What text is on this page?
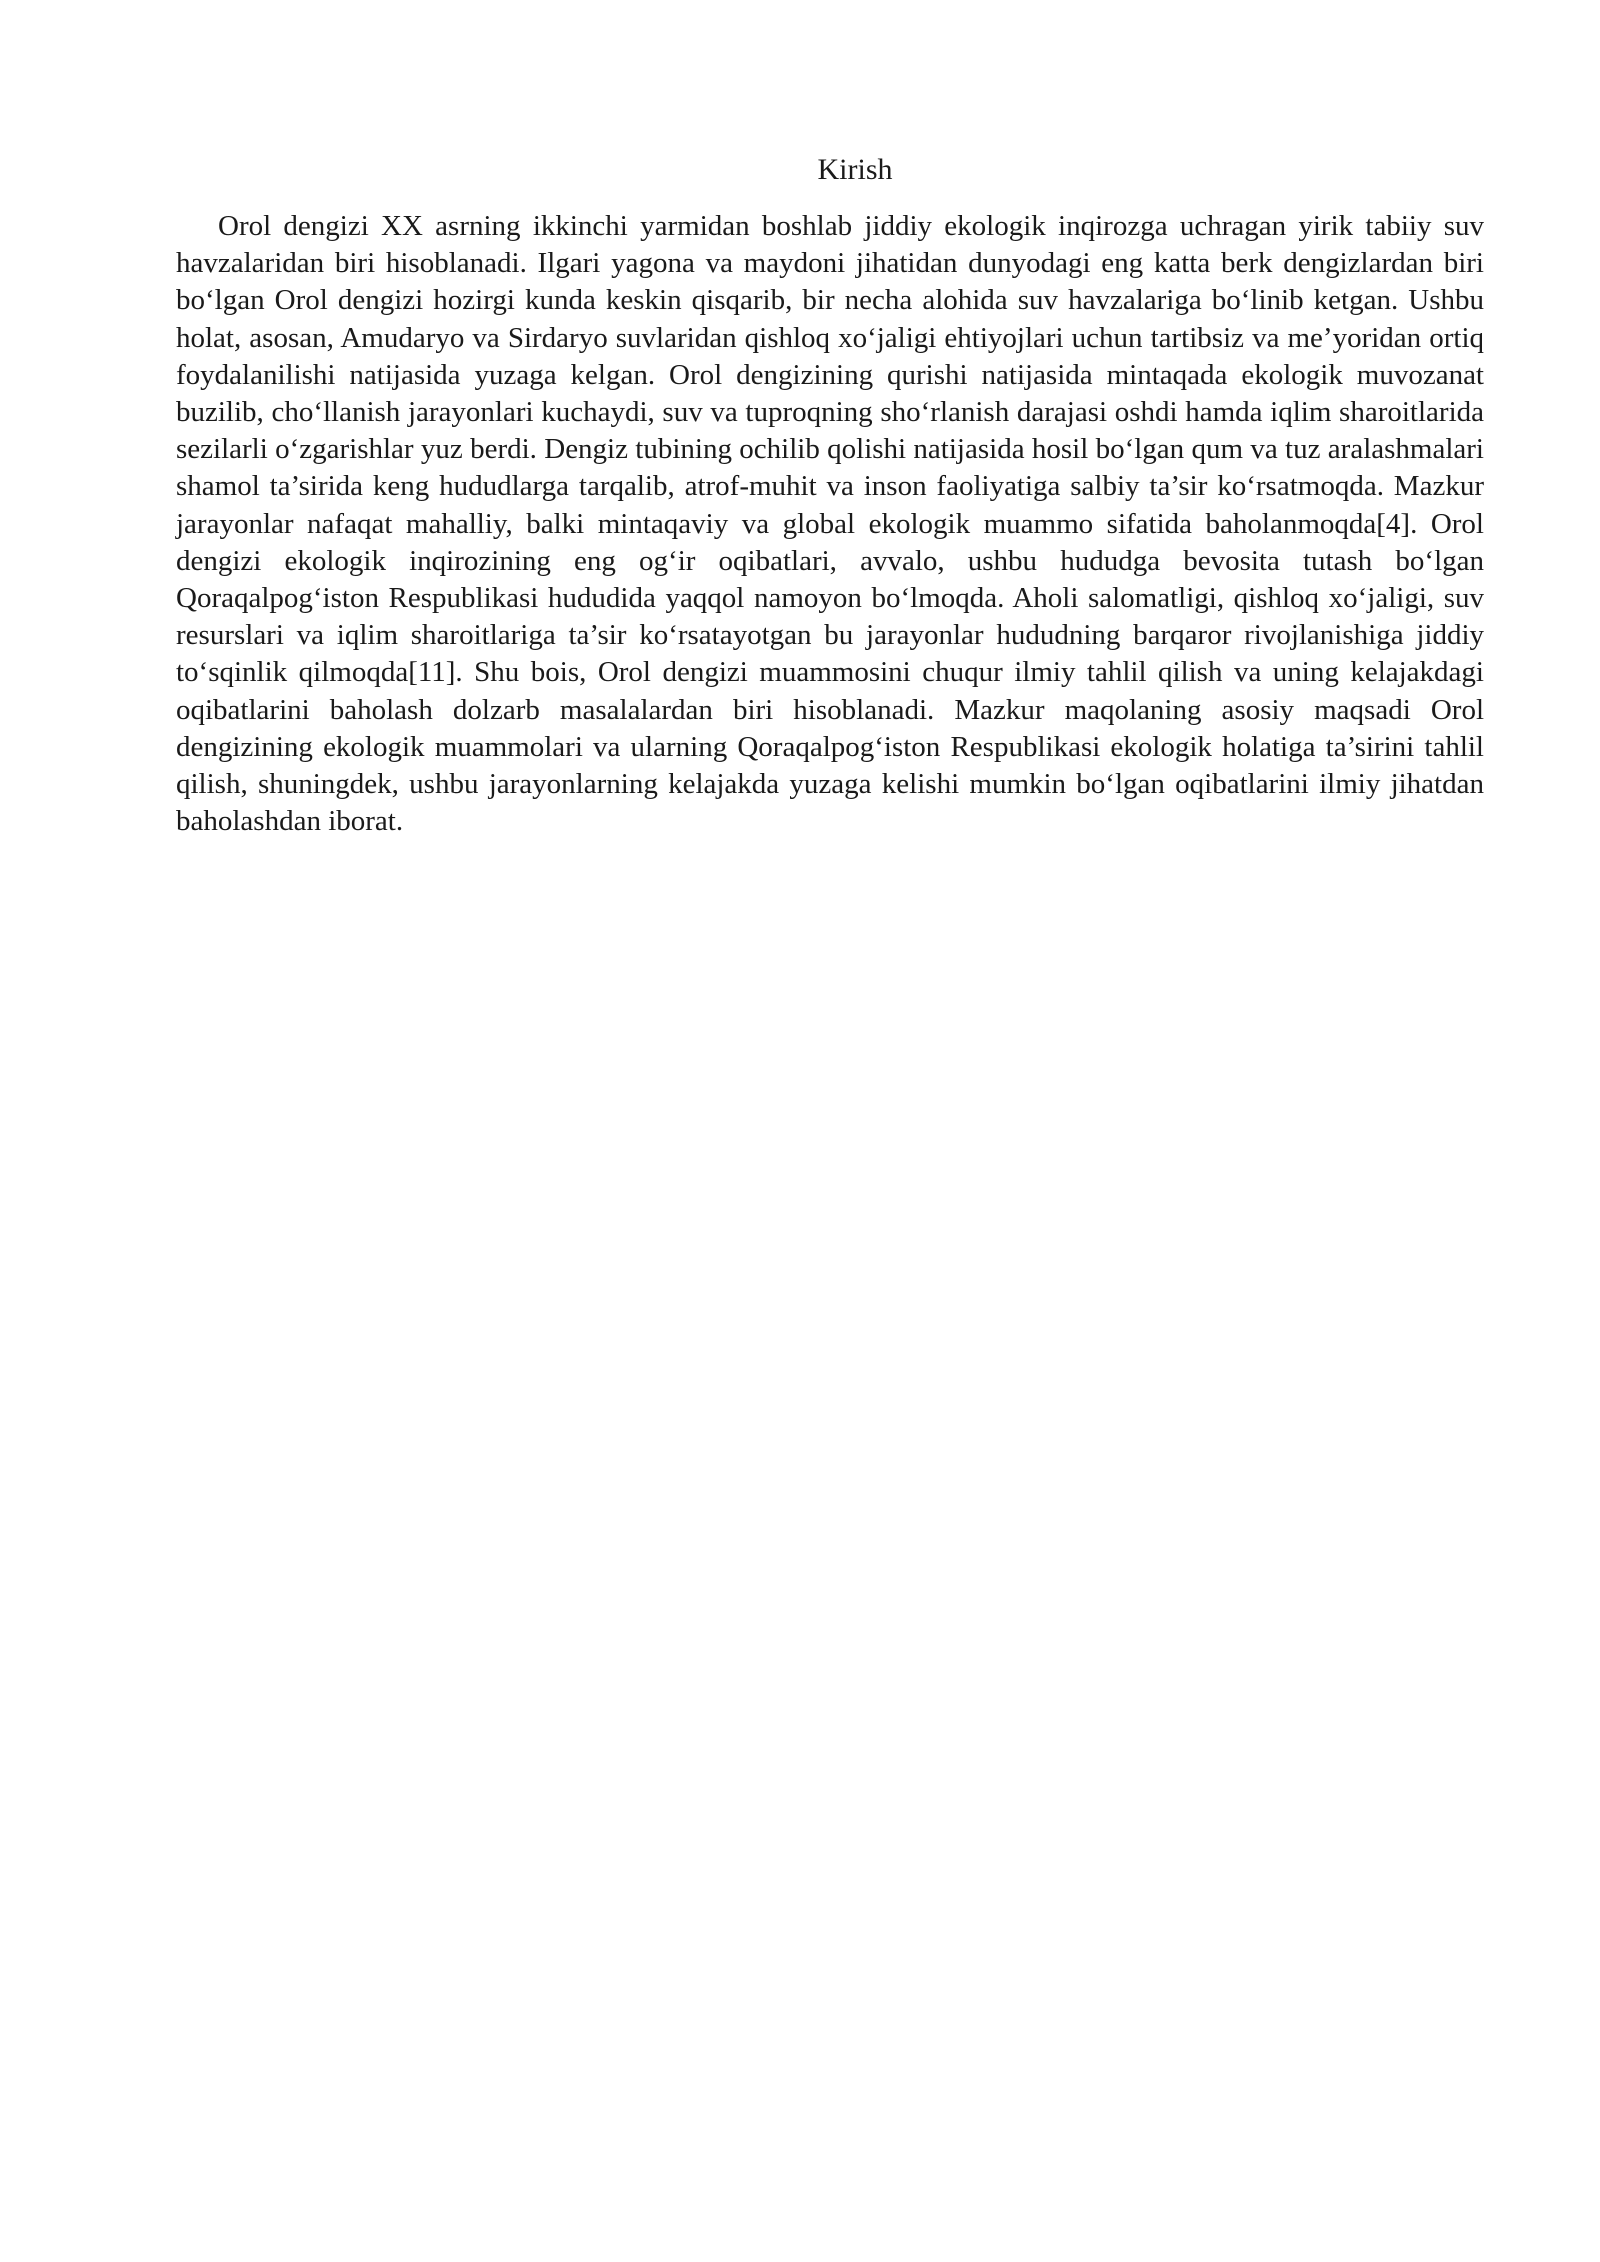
Kirish

Orol dengizi XX asrning ikkinchi yarmidan boshlab jiddiy ekologik inqirozga uchragan yirik tabiiy suv havzalaridan biri hisoblanadi. Ilgari yagona va maydoni jihatidan dunyodagi eng katta berk dengizlardan biri bo‘lgan Orol dengizi hozirgi kunda keskin qisqarib, bir necha alohida suv havzalariga bo‘linib ketgan. Ushbu holat, asosan, Amudaryo va Sirdaryo suvlaridan qishloq xo‘jaligi ehtiyojlari uchun tartibsiz va me’yoridan ortiq foydalanilishi natijasida yuzaga kelgan. Orol dengizining qurishi natijasida mintaqada ekologik muvozanat buzilib, cho‘llanish jarayonlari kuchaydi, suv va tuproqning sho‘rlanish darajasi oshdi hamda iqlim sharoitlarida sezilarli o‘zgarishlar yuz berdi. Dengiz tubining ochilib qolishi natijasida hosil bo‘lgan qum va tuz aralashmalari shamol ta’sirida keng hududlarga tarqalib, atrof-muhit va inson faoliyatiga salbiy ta’sir ko‘rsatmoqda. Mazkur jarayonlar nafaqat mahalliy, balki mintaqaviy va global ekologik muammo sifatida baholanmoqda[4]. Orol dengizi ekologik inqirozining eng og‘ir oqibatlari, avvalo, ushbu hududga bevosita tutash bo‘lgan Qoraqalpog‘iston Respublikasi hududida yaqqol namoyon bo‘lmoqda. Aholi salomatligi, qishloq xo‘jaligi, suv resurslari va iqlim sharoitlariga ta’sir ko‘rsatayotgan bu jarayonlar hududning barqaror rivojlanishiga jiddiy to‘sqinlik qilmoqda[11]. Shu bois, Orol dengizi muammosini chuqur ilmiy tahlil qilish va uning kelajakdagi oqibatlarini baholash dolzarb masalalardan biri hisoblanadi. Mazkur maqolaning asosiy maqsadi Orol dengizining ekologik muammolari va ularning Qoraqalpog‘iston Respublikasi ekologik holatiga ta’sirini tahlil qilish, shuningdek, ushbu jarayonlarning kelajakda yuzaga kelishi mumkin bo‘lgan oqibatlarini ilmiy jihatdan baholashdan iborat.
